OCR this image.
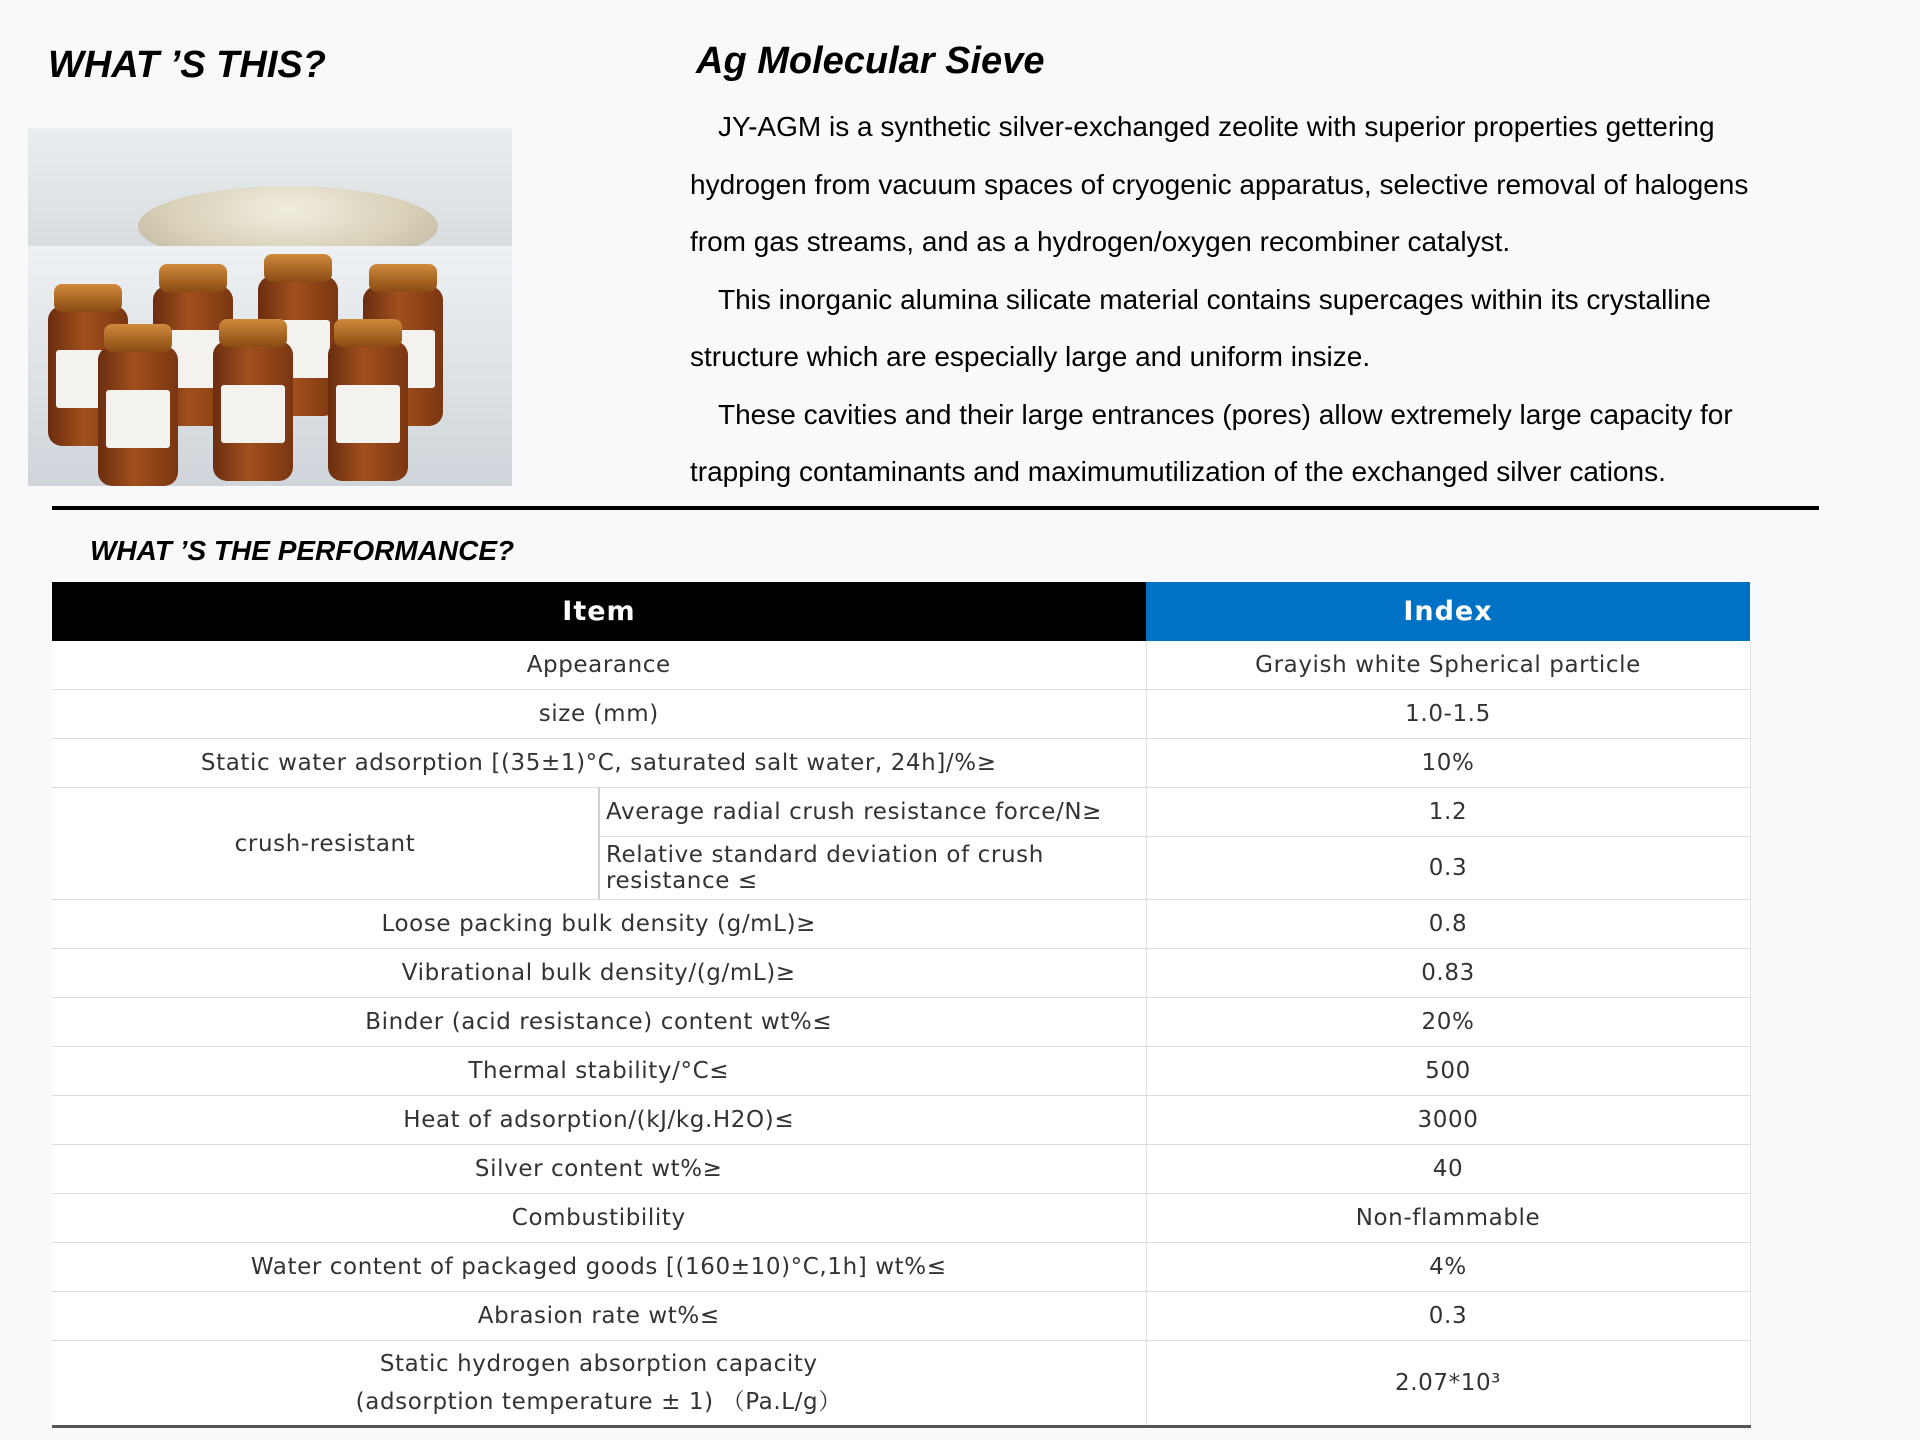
WHAT ’S THIS?	Ag Molecular Sieve

JY-AGM is a synthetic silver-exchanged zeolite with superior properties gettering hydrogen from vacuum spaces of cryogenic apparatus, selective removal of halogens from gas streams, and as a hydrogen/oxygen recombiner catalyst.

This inorganic alumina silicate material contains supercages within its crystalline structure which are especially large and uniform insize.

These cavities and their large entrances (pores) allow extremely large capacity for trapping contaminants and maximumutilization of the exchanged silver cations.

WHAT ’S THE PERFORMANCE?
Item		Index
Appearance		Grayish white Spherical particle
size (mm)		1.0-1.5
Static water adsorption [(35±1)°C, saturated salt water, 24h]/%≥		10%
crush-resistant	Average radial crush resistance force/N≥	1.2
	Relative standard deviation of crush resistance ≤	0.3
Loose packing bulk density (g/mL)≥		0.8
Vibrational bulk density/(g/mL)≥		0.83
Binder (acid resistance) content wt%≤		20%
Thermal stability/°C≤		500
Heat of adsorption/(kJ/kg.H2O)≤		3000
Silver content wt%≥		40
Combustibility		Non-flammable
Water content of packaged goods [(160±10)°C,1h] wt%≤		4%
Abrasion rate wt%≤		0.3

Static hydrogen absorption capacity
(adsorption temperature ± 1) （Pa.L/g）		2.07*10³
